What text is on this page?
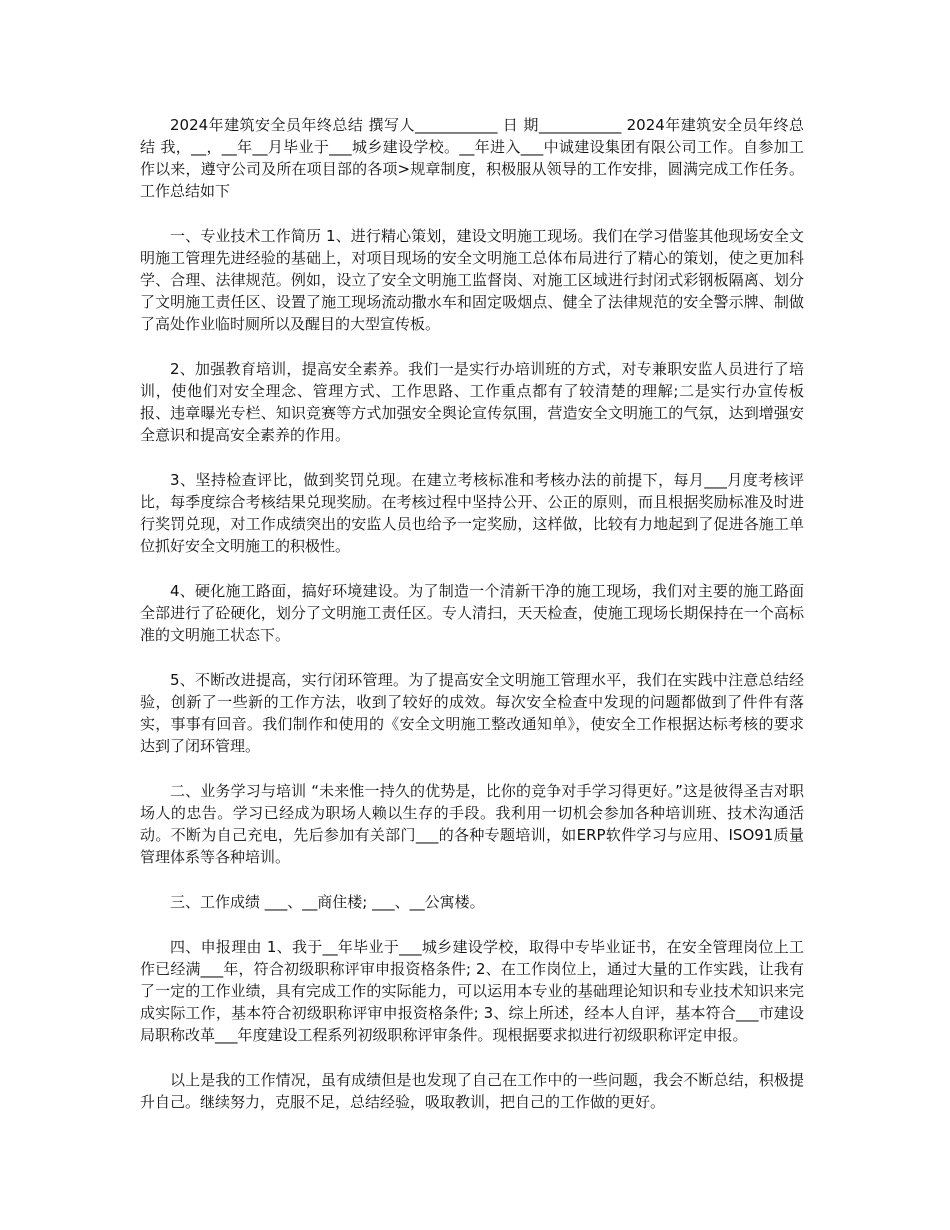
2024年建筑安全员年终总结 撰写人___________ 日 期___________ 2024年建筑安全员年终总结 我，__，__年__月毕业于___城乡建设学校。__年进入___中诚建设集团有限公司工作。自参加工作以来，遵守公司及所在项目部的各项>规章制度，积极服从领导的工作安排，圆满完成工作任务。工作总结如下

一、专业技术工作简历 1、进行精心策划，建设文明施工现场。我们在学习借鉴其他现场安全文明施工管理先进经验的基础上，对项目现场的安全文明施工总体布局进行了精心的策划，使之更加科学、合理、法律规范。例如，设立了安全文明施工监督岗、对施工区域进行封闭式彩钢板隔离、划分了文明施工责任区、设置了施工现场流动撒水车和固定吸烟点、健全了法律规范的安全警示牌、制做了高处作业临时厕所以及醒目的大型宣传板。

2、加强教育培训，提高安全素养。我们一是实行办培训班的方式，对专兼职安监人员进行了培训，使他们对安全理念、管理方式、工作思路、工作重点都有了较清楚的理解;二是实行办宣传板报、违章曝光专栏、知识竞赛等方式加强安全舆论宣传氛围，营造安全文明施工的气氛，达到增强安全意识和提高安全素养的作用。

3、坚持检查评比，做到奖罚兑现。在建立考核标准和考核办法的前提下，每月___月度考核评比，每季度综合考核结果兑现奖励。在考核过程中坚持公开、公正的原则，而且根据奖励标准及时进行奖罚兑现，对工作成绩突出的安监人员也给予一定奖励，这样做，比较有力地起到了促进各施工单位抓好安全文明施工的积极性。

4、硬化施工路面，搞好环境建设。为了制造一个清新干净的施工现场，我们对主要的施工路面全部进行了砼硬化，划分了文明施工责任区。专人清扫，天天检查，使施工现场长期保持在一个高标准的文明施工状态下。

5、不断改进提高，实行闭环管理。为了提高安全文明施工管理水平，我们在实践中注意总结经验，创新了一些新的工作方法，收到了较好的成效。每次安全检查中发现的问题都做到了件件有落实，事事有回音。我们制作和使用的《安全文明施工整改通知单》，使安全工作根据达标考核的要求达到了闭环管理。

二、业务学习与培训 “未来惟一持久的优势是，比你的竞争对手学习得更好。”这是彼得圣吉对职场人的忠告。学习已经成为职场人赖以生存的手段。我利用一切机会参加各种培训班、技术沟通活动。不断为自己充电，先后参加有关部门___的各种专题培训，如ERP软件学习与应用、ISO91质量管理体系等各种培训。

三、工作成绩 ___、__商住楼; ___、__公寓楼。

四、申报理由 1、我于__年毕业于___城乡建设学校，取得中专毕业证书，在安全管理岗位上工作已经满___年，符合初级职称评审申报资格条件; 2、在工作岗位上，通过大量的工作实践，让我有了一定的工作业绩，具有完成工作的实际能力，可以运用本专业的基础理论知识和专业技术知识来完成实际工作，基本符合初级职称评审申报资格条件; 3、综上所述，经本人自评，基本符合___市建设局职称改革___年度建设工程系列初级职称评审条件。现根据要求拟进行初级职称评定申报。

以上是我的工作情况，虽有成绩但是也发现了自己在工作中的一些问题，我会不断总结，积极提升自己。继续努力，克服不足，总结经验，吸取教训，把自己的工作做的更好。
